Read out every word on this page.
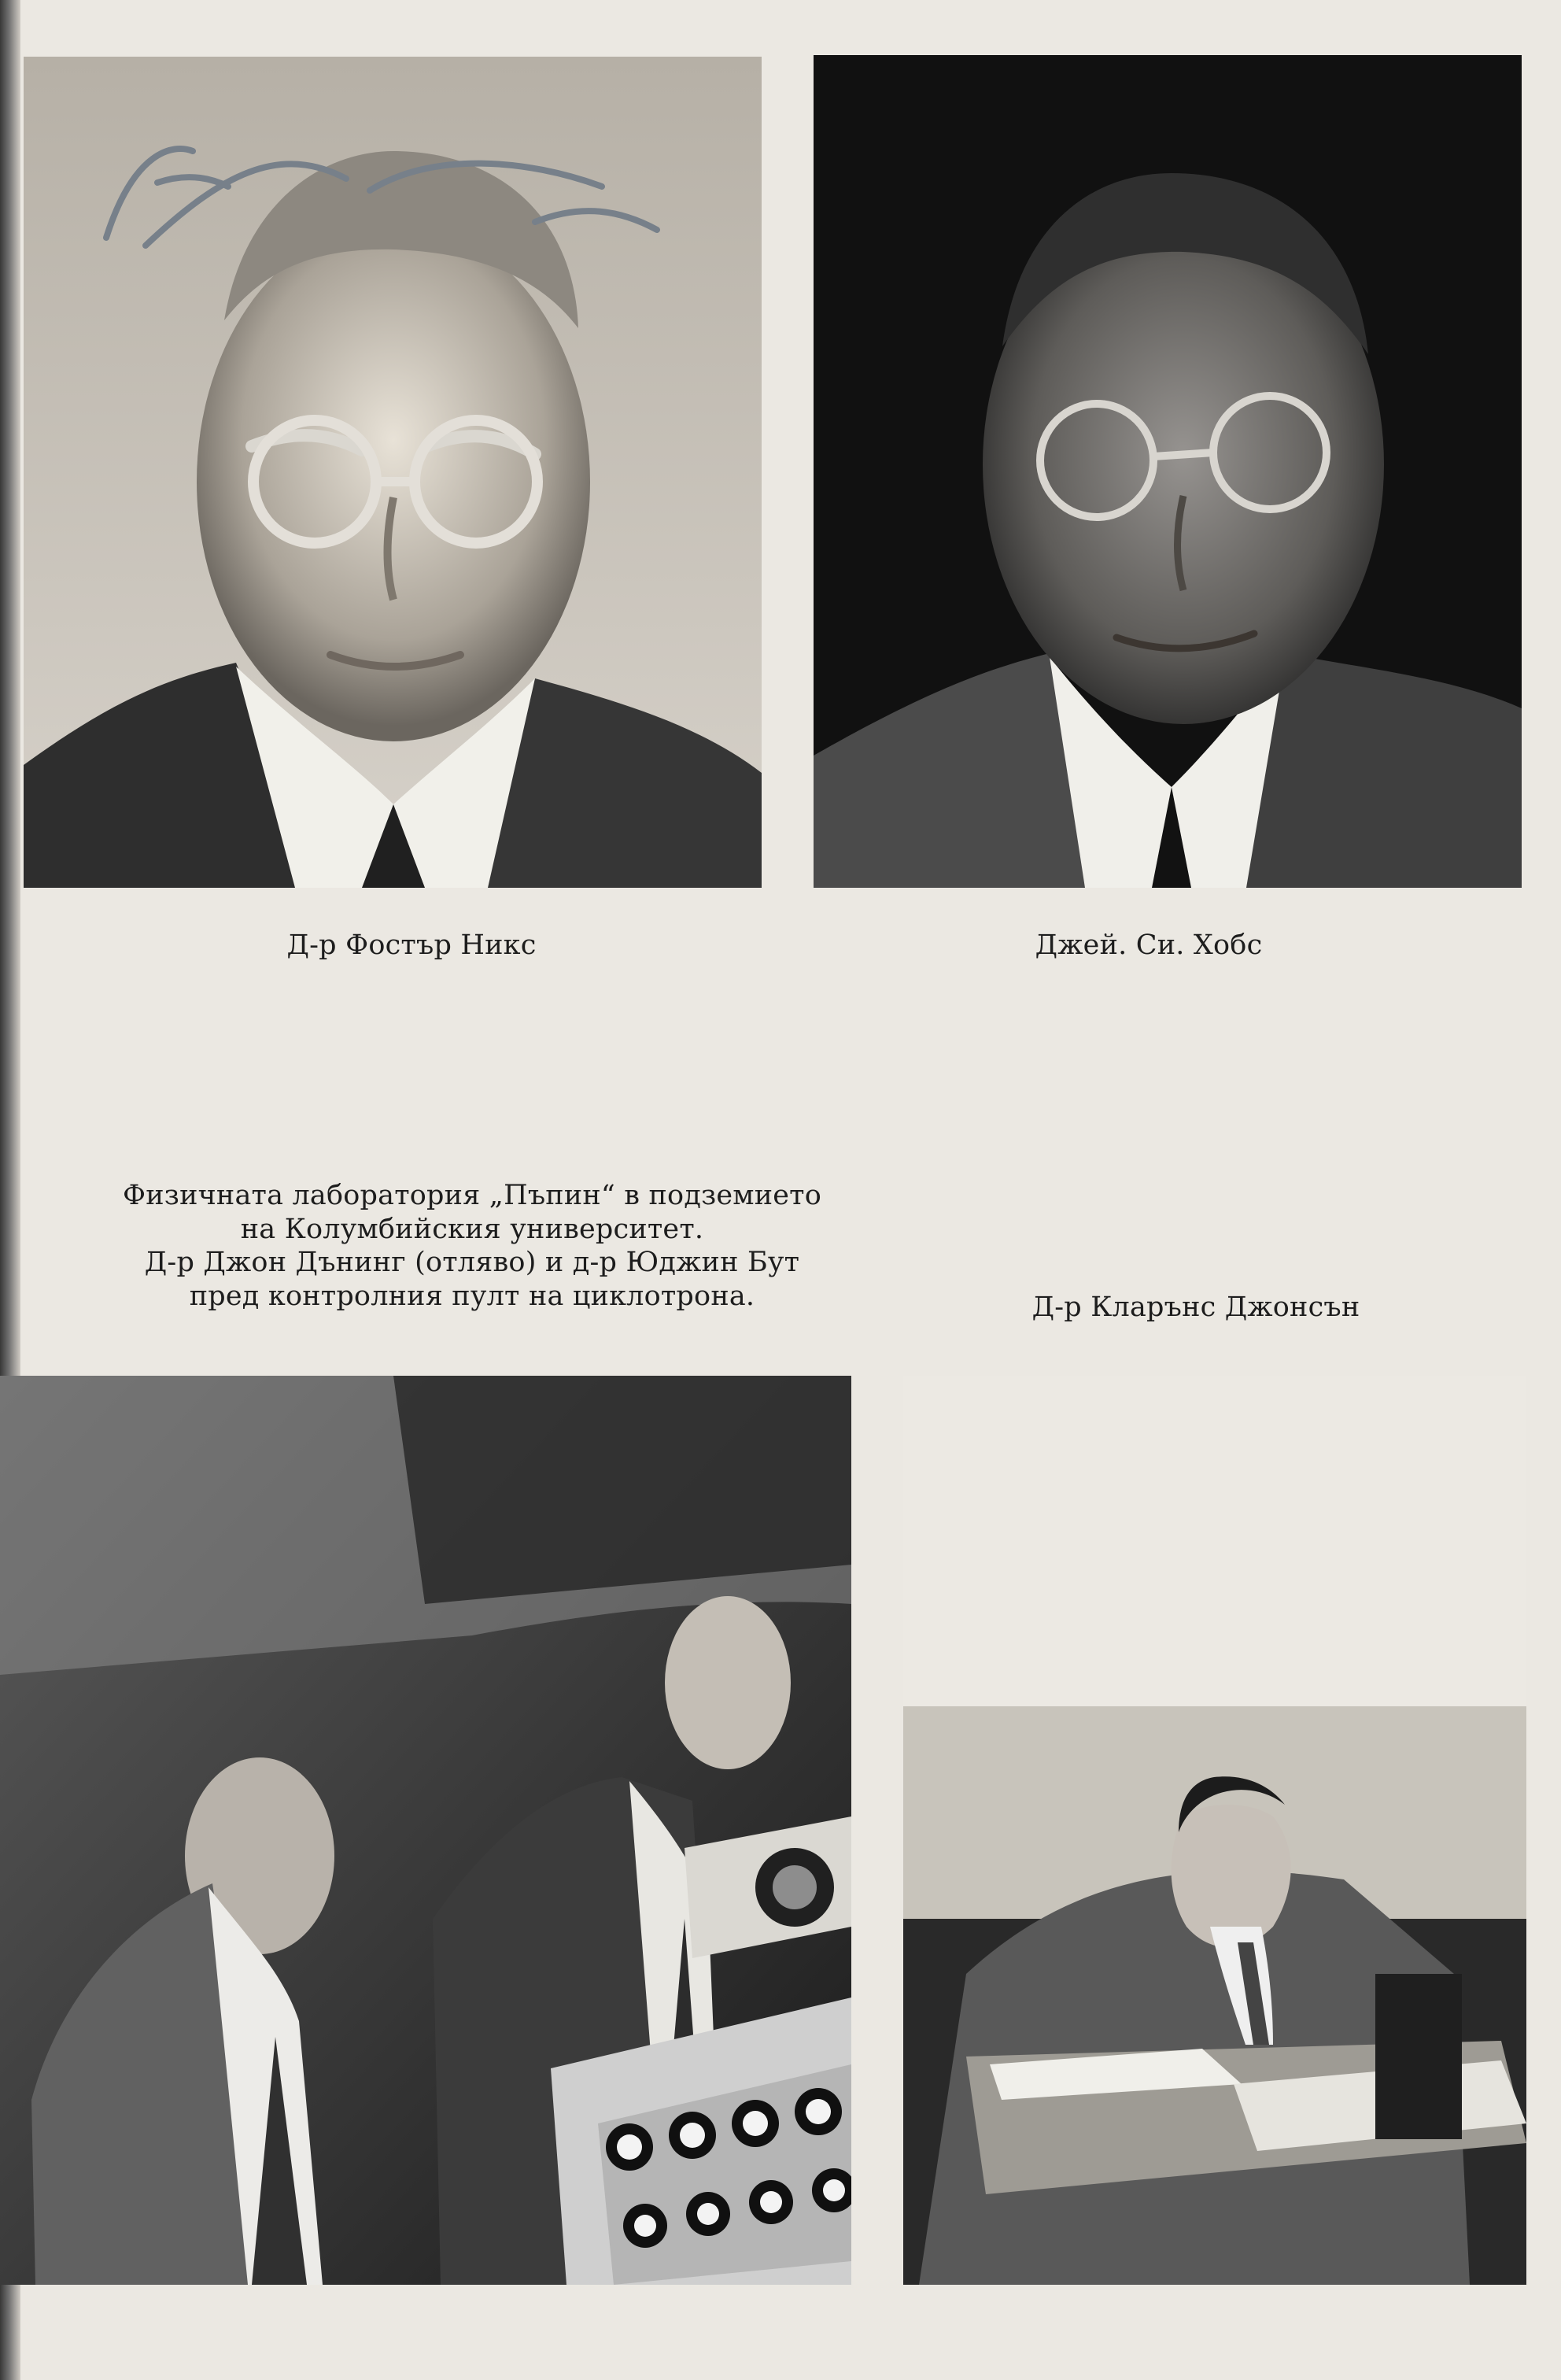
Д-р Фостър Никс	Джей. Си. Хобс

Физичната лаборатория „Пъпин“ в подземието

на Колумбийския университет.

Д-р Джон Дънинг (отляво) и д-р Юджин Бут

пред контролния пулт на циклотрона.	Д-р Кларънс Джонсън
